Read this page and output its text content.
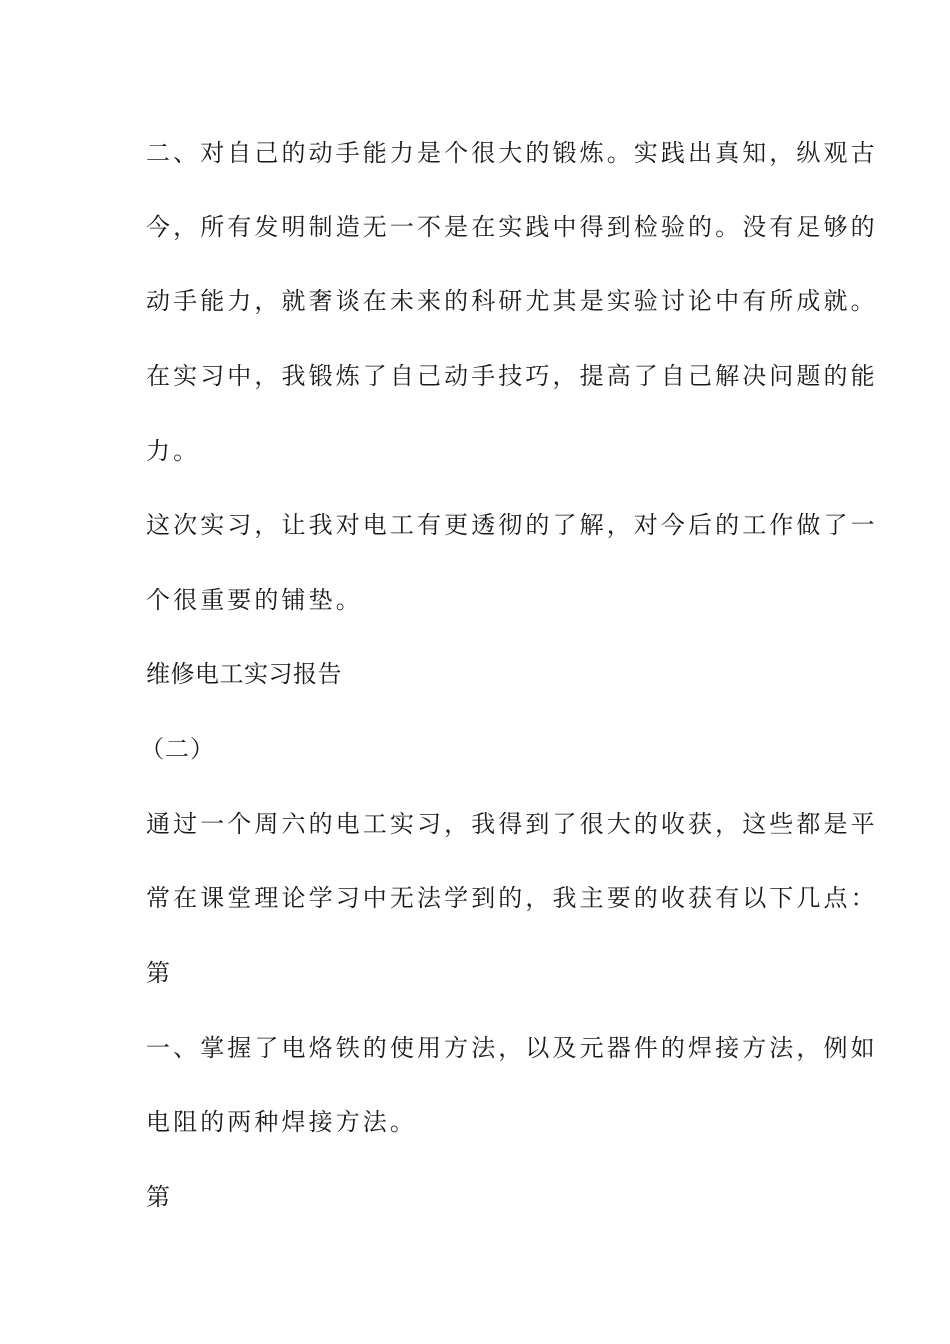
二、对自己的动手能力是个很大的锻炼。实践出真知，纵观古
今，所有发明制造无一不是在实践中得到检验的。没有足够的
动手能力，就奢谈在未来的科研尤其是实验讨论中有所成就。
在实习中，我锻炼了自己动手技巧，提高了自己解决问题的能
力。
这次实习，让我对电工有更透彻的了解，对今后的工作做了一
个很重要的铺垫。
维修电工实习报告
（二）
通过一个周六的电工实习，我得到了很大的收获，这些都是平
常在课堂理论学习中无法学到的，我主要的收获有以下几点：
第
一、掌握了电烙铁的使用方法，以及元器件的焊接方法，例如
电阻的两种焊接方法。
第
